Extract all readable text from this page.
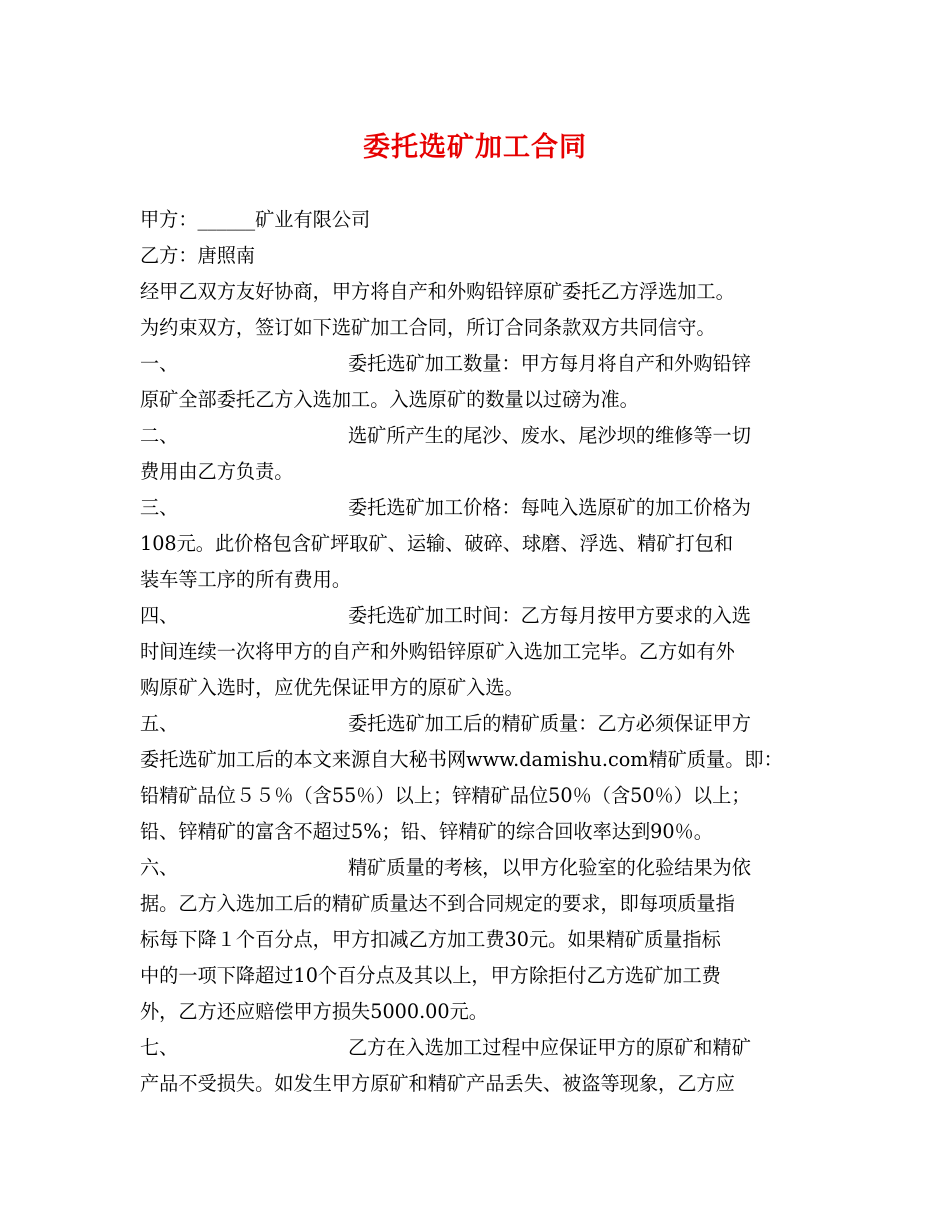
委托选矿加工合同
甲方：______矿业有限公司
乙方：唐照南
经甲乙双方友好协商，甲方将自产和外购铅锌原矿委托乙方浮选加工。
为约束双方，签订如下选矿加工合同，所订合同条款双方共同信守。
一、	委托选矿加工数量：甲方每月将自产和外购铅锌
原矿全部委托乙方入选加工。入选原矿的数量以过磅为准。
二、	选矿所产生的尾沙、废水、尾沙坝的维修等一切
费用由乙方负责。
三、	委托选矿加工价格：每吨入选原矿的加工价格为
108元。此价格包含矿坪取矿、运输、破碎、球磨、浮选、精矿打包和
装车等工序的所有费用。
四、	委托选矿加工时间：乙方每月按甲方要求的入选
时间连续一次将甲方的自产和外购铅锌原矿入选加工完毕。乙方如有外
购原矿入选时，应优先保证甲方的原矿入选。
五、	委托选矿加工后的精矿质量：乙方必须保证甲方
委托选矿加工后的本文来源自大秘书网www.damishu.com精矿质量。即：
铅精矿品位５５％（含55％）以上；锌精矿品位50％（含50％）以上；
铅、锌精矿的富含不超过5%；铅、锌精矿的综合回收率达到90％。
六、	精矿质量的考核，以甲方化验室的化验结果为依
据。乙方入选加工后的精矿质量达不到合同规定的要求，即每项质量指
标每下降１个百分点，甲方扣减乙方加工费30元。如果精矿质量指标
中的一项下降超过10个百分点及其以上，甲方除拒付乙方选矿加工费
外，乙方还应赔偿甲方损失5000.00元。
七、	乙方在入选加工过程中应保证甲方的原矿和精矿
产品不受损失。如发生甲方原矿和精矿产品丢失、被盗等现象，乙方应
